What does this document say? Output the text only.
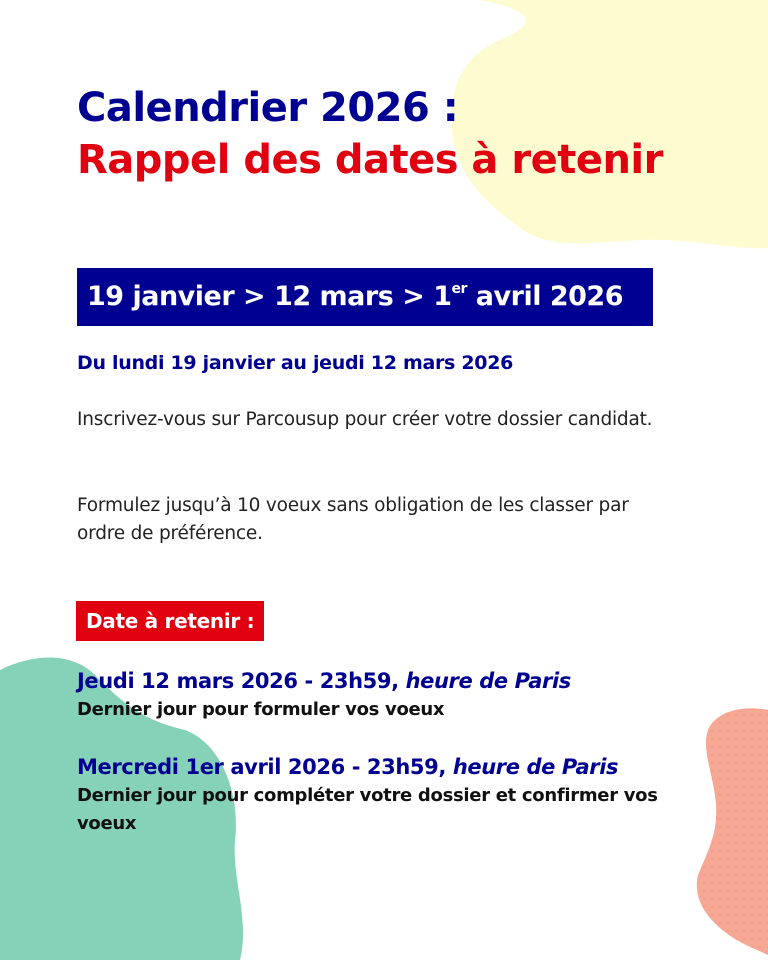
Calendrier 2026 :
Rappel des dates à retenir
19 janvier > 12 mars > 1er avril 2026
Du lundi 19 janvier au jeudi 12 mars 2026
Inscrivez-vous sur Parcousup pour créer votre dossier candidat.
Formulez jusqu’à 10 voeux sans obligation de les classer par ordre de préférence.
Date à retenir :
Jeudi 12 mars 2026 - 23h59, heure de Paris
Dernier jour pour formuler vos voeux
Mercredi 1er avril 2026 - 23h59, heure de Paris
Dernier jour pour compléter votre dossier et confirmer vos voeux
